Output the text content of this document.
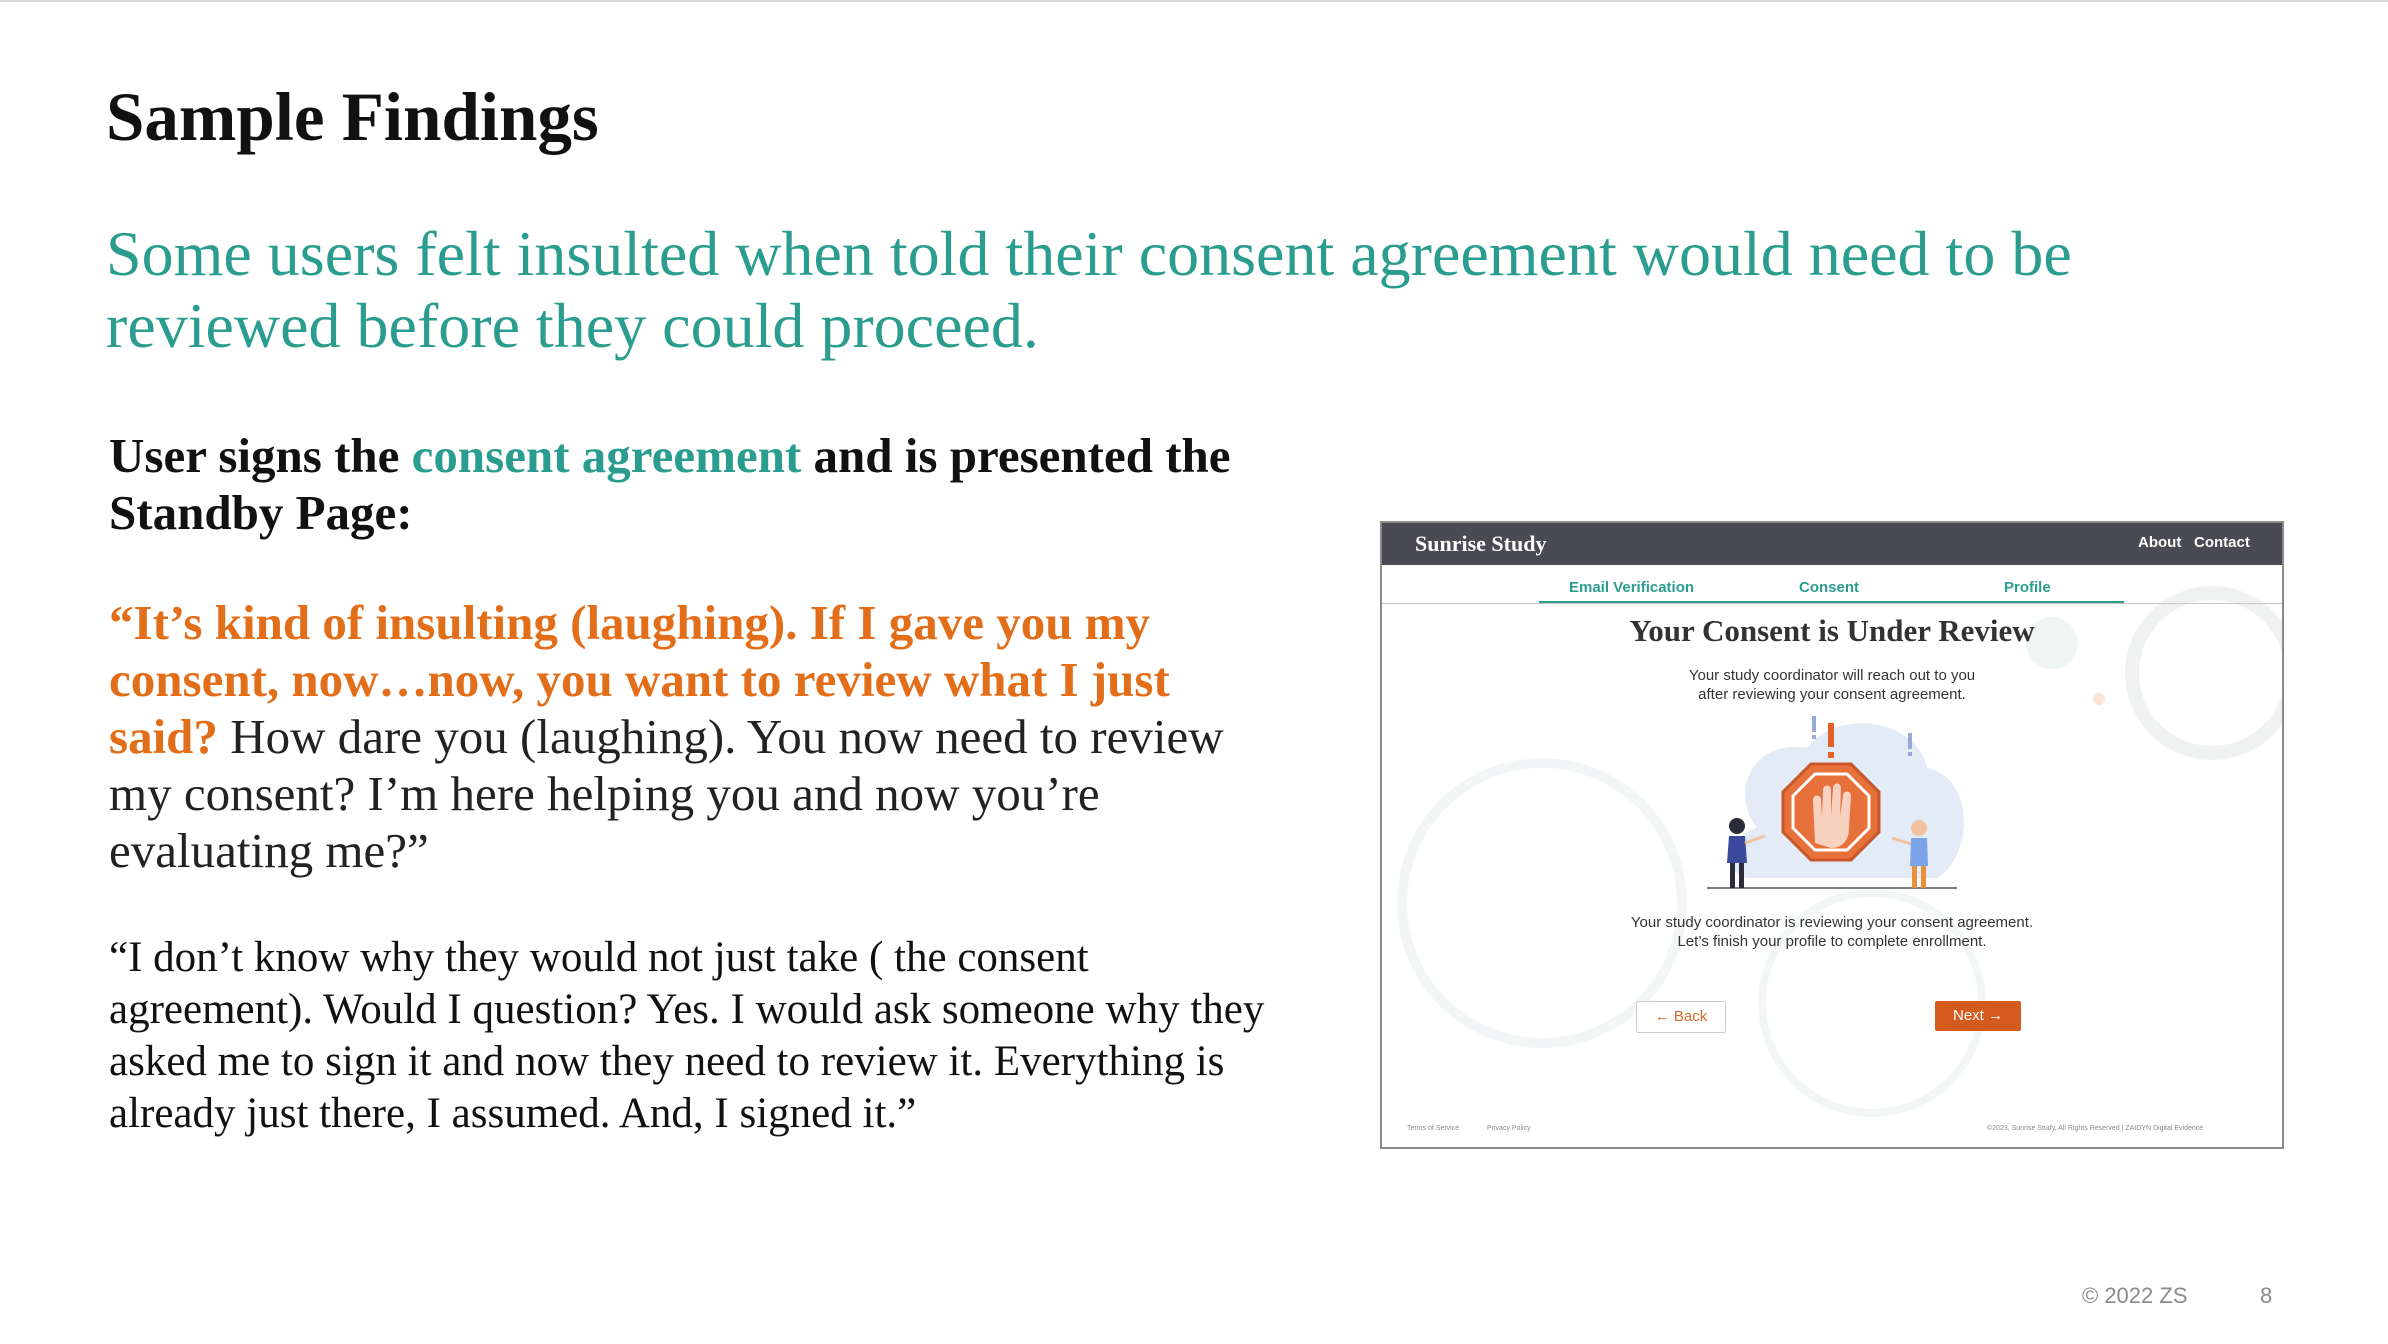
Sample Findings
Some users felt insulted when told their consent agreement would need to be reviewed before they could proceed.
User signs the consent agreement and is presented the Standby Page:
“It’s kind of insulting (laughing). If I gave you my consent, now…now, you want to review what I just said? How dare you (laughing). You now need to review my consent? I’m here helping you and now you’re evaluating me?”
“I don’t know why they would not just take ( the consent agreement). Would I question? Yes. I would ask someone why they asked me to sign it and now they need to review it. Everything is already just there, I assumed. And, I signed it.”
Sunrise Study	About Contact
Email Verification	Consent	Profile
Your Consent is Under Review
Your study coordinator will reach out to you
after reviewing your consent agreement.
Your study coordinator is reviewing your consent agreement.
Let’s finish your profile to complete enrollment.
← Back	Next →
Terms of Service	Privacy Policy	©2023, Sunrise Study, All Rights Reserved | ZAIDYN Digital Evidence
© 2022 ZS	8
